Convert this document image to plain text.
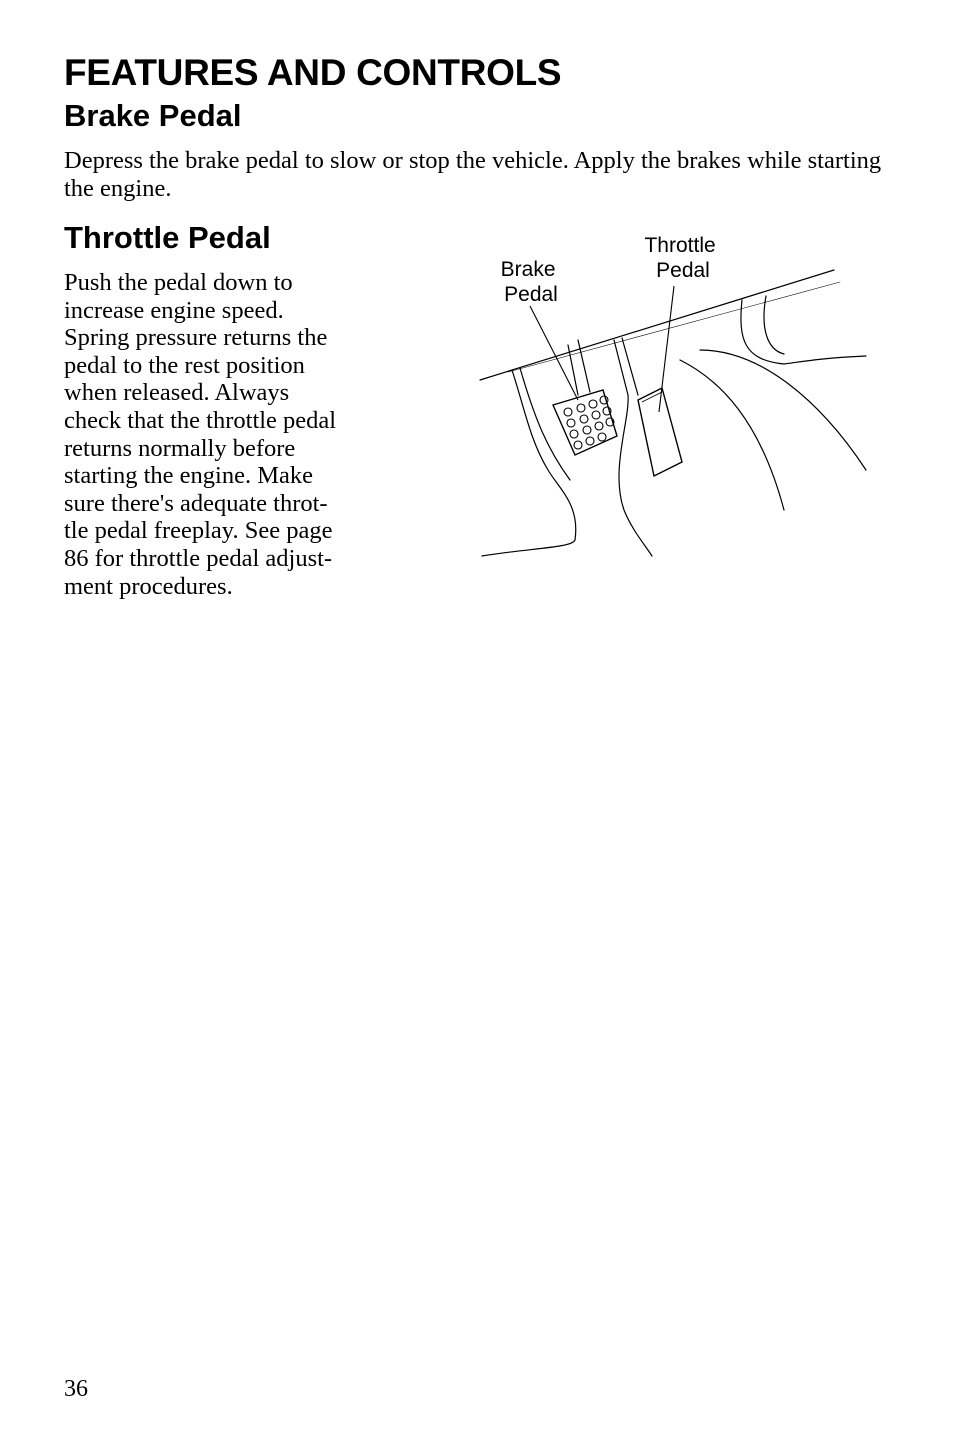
FEATURES AND CONTROLS
Brake Pedal

Depress the brake pedal to slow or stop the vehicle. Apply the brakes while starting the engine.

Throttle Pedal
Push the pedal down to
increase engine speed.
Spring pressure returns the
pedal to the rest position
when released. Always
check that the throttle pedal
returns normally before
starting the engine. Make
sure there's adequate throt-
tle pedal freeplay. See page
86 for throttle pedal adjust-
ment procedures.
Brake Pedal
Throttle Pedal
36
